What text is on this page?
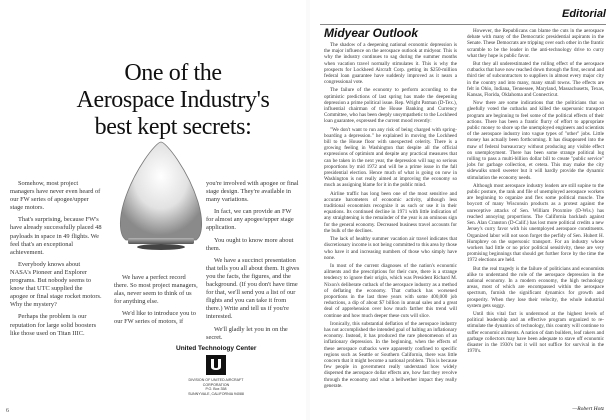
One of the
Aerospace Industry's
best kept secrets:

Somehow, most project managers have never even heard of our FW series of apogee/upper stage motors.

That's surprising, because FW's have already successfully placed 48 payloads in space in 49 flights. We feel that's an exceptional achievement.

Everybody knows about NASA's Pioneer and Explorer programs. But nobody seems to know that UTC supplied the apogee or final stage rocket motors. Why the mystery?

Perhaps the problem is our reputation for large solid boosters like those used on Titan IIIC.

We have a perfect record there. So most project managers, alas, never seem to think of us for anything else.

We'd like to introduce you to our FW series of motors, if

you're involved with apogee or final stage design. They're available in many variations.

In fact, we can provide an FW for almost any apogee/upper stage application.

You ought to know more about them.

We have a succinct presentation that tells you all about them. It gives you the facts, the figures, and the background. (If you don't have time for that, we'll send you a list of our flights and you can take it from there.) Write and tell us if you're interested.

We'll gladly let you in on the secret.

United Technology Center
DIVISION OF UNITED AIRCRAFT CORPORATION
P.O. Box 358
SUNNYVALE, CALIFORNIA 94088
6
Editorial
Midyear Outlook

The shadow of a deepening national economic depression is the major influence on the aerospace outlook at midyear. This is why the industry continues to sag during the summer months when vacation travel normally stimulates it. This is why the prospects for Lockheed Aircraft Corp. getting its $250-million federal loan guarantee have suddenly improved as it nears a congressional vote.

The failure of the economy to perform according to the optimistic predictions of last spring has made the deepening depression a prime political issue. Rep. Wright Patman (D-Tex.), influential chairman of the House Banking and Currency Committee, who has been deeply unsympathetic to the Lockheed loan guarantee, expressed the current mood recently:

"We don't want to run any risk of being charged with spring-boarding a depression." he explained in moving the Lockheed bill to the House floor with unexpected celerity. There is a growing feeling in Washington that despite all the official expressions of optimism and despite any practical measures that can be taken in the next year, the depression will nag so serious proportions by mid 1972 and will be a prime issue in the fall presidential election. Hence much of what is going on now in Washington is not really aimed at improving the economy so much as assigning blame for it in the public mind.

Airline traffic has long been one of the most sensitive and accurate barometers of economic activity, although less traditional economists recognize it as such or use it in their equations. Its continued decline in 1971 with little indication of any straightening is the remainder of the year is an ominous sign for the general economy. Decreased business travel accounts for the bulk of the declines.

The lack of healthy summer vacation air travel indicates that discretionary income is not being committed to this area by those who have it and increasing numbers of those who simply have none.

In most of the current diagnoses of the nation's economic ailments and the prescriptions for their cure, there is a strange tendency to ignore their origin, which was President Richard M. Nixon's deliberate cutback of the aerospace industry as a method of deflating the economy. That cutback has worsened proportions in the last three years with some 400,000 job reductions, a dip of about $7 billion in annual sales and a great deal of apprehension over how much farther this trend will continue and how much deeper these cuts will slice.

Ironically, this substantial deflation of the aerospace industry has not accomplished the intended goal of halting an inflationary economy. Instead, it has produced the rare phenomenon of an inflationary depression. In the beginning, when the effects of these aerospace cutbacks were apparently confined to specific regions such as Seattle or Southern California, there was little concern that it might become a national problem. This is because few people in government really understand how widely dispersed the aerospace dollar effects are, how fast they revolve through the economy and what a bellwether impact they really generate.

However, the Republicans can blame the cuts in the aerospace debate with many of the Democratic presidential aspirants in the Senate. These Democrats are tripping over each other in the frantic scramble to be the leader in the anti-technology drive to curry what they hope is public favor.

But they all underestimated the rolling effect of the aerospace cutbacks that have now reached down through the first, second and third tier of subcontractors to suppliers in almost every major city in the country and into many, many small towns. The effects are felt in Ohio, Indiana, Tennessee, Maryland, Massachusetts, Texas, Kansas, Florida, Oklahoma and Connecticut.

Now there are some indications that the politicians that so gleefully voted the cutbacks and killed the supersonic transport program are beginning to feel some of the political effects of their actions. There has been a frantic flurry of effort to appropriate public money to shore up the unemployed engineers and scientists of the aerospace industry into vague types of "other" jobs. Little money has actually been forthcoming. It has disappeared into the maw of federal bureaucracy without producing any visible effect on unemployment. There has been some strange political log rolling to pass a multi-billion dollar bill to create "public service" jobs for garbage collection, et cetera. This may make the city sidewalks smell sweeter but it will hardly provide the dynamic stimulation the economy needs.

Although most aerospace industry leaders are still supine to the public posture, the rank and file of unemployed aerospace workers are beginning to organize and flex some political muscle. The boycott of many Wisconsin products as a protest against the unreceptive attacks of Sen. William Proxmire (D-Wis.) has reached annoying proportions. The California backlash against Sen. Alan Cranston (D-Calif.) has lost more political credits a new Jersey's curry favor with his unemployed aerospace constituents. Organized labor will not soon forget the perfidy of Sen. Hubert H. Humphrey on the supersonic transport. For an industry whose workers had little or no prior political sensitivity, these are very promising beginnings that should get further force by the time the 1972 elections are held.

But the real tragedy is the failure of politicians and economists alike to understand the role of the aerospace depression in the national economy. In a modern economy, the high technology areas, most of which are encompassed within the aerospace spectrum, furnish the significant dynamics for growth and prosperity. When they lose their velocity, the whole industrial system gets soggy.

Until this vital fact is understood at the highest levels of political leadership and an effective program organized to re-stimulate the dynamics of technology, this country will continue to suffer economic ailments. A nation of dam builders, leaf rakers and garbage collectors may have been adequate to stave off economic disaster in the 1930's but it will not suffice for survival in the 1970's.

—Robert Hotz
